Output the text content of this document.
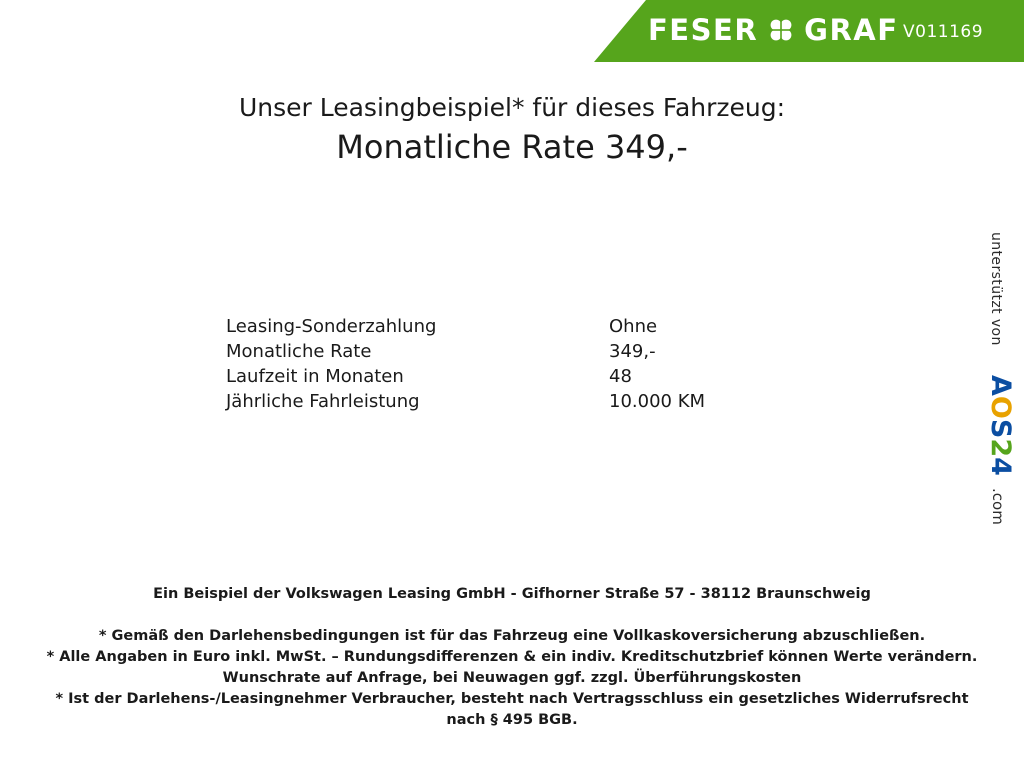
FESER GRAF V011169
Unser Leasingbeispiel* für dieses Fahrzeug:
Monatliche Rate 349,-
Leasing-Sonderzahlung	Ohne
Monatliche Rate	349,-
Laufzeit in Monaten	48
Jährliche Fahrleistung	10.000 KM
unterstützt von
AOS24
.com
Ein Beispiel der Volkswagen Leasing GmbH - Gifhorner Straße 57 - 38112 Braunschweig

* Gemäß den Darlehensbedingungen ist für das Fahrzeug eine Vollkaskoversicherung abzuschließen.

* Alle Angaben in Euro inkl. MwSt. – Rundungsdifferenzen & ein indiv. Kreditschutzbrief können Werte verändern.

Wunschrate auf Anfrage, bei Neuwagen ggf. zzgl. Überführungskosten

* Ist der Darlehens-/Leasingnehmer Verbraucher, besteht nach Vertragsschluss ein gesetzliches Widerrufsrecht

nach § 495 BGB.
